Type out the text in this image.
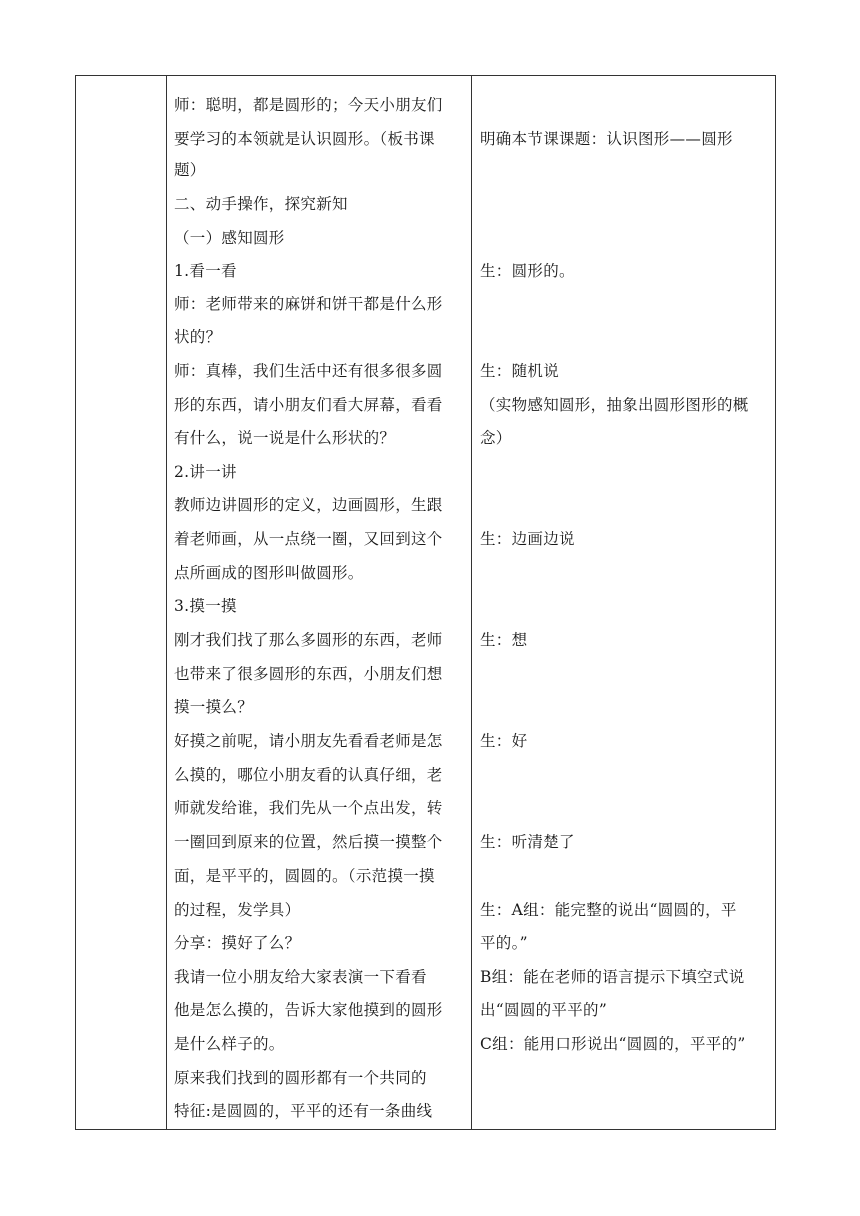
师：聪明，都是圆形的；今天小朋友们
要学习的本领就是认识圆形。（板书课
题）
二、动手操作，探究新知
（一）感知圆形
1.看一看
师：老师带来的麻饼和饼干都是什么形
状的？
师：真棒，我们生活中还有很多很多圆
形的东西，请小朋友们看大屏幕，看看
有什么，说一说是什么形状的？
2.讲一讲
教师边讲圆形的定义，边画圆形，生跟
着老师画，从一点绕一圈，又回到这个
点所画成的图形叫做圆形。
3.摸一摸
刚才我们找了那么多圆形的东西，老师
也带来了很多圆形的东西，小朋友们想
摸一摸么？
好摸之前呢，请小朋友先看看老师是怎
么摸的，哪位小朋友看的认真仔细，老
师就发给谁，我们先从一个点出发，转
一圈回到原来的位置，然后摸一摸整个
面，是平平的，圆圆的。（示范摸一摸
的过程，发学具）
分享：摸好了么？
我请一位小朋友给大家表演一下看看
他是怎么摸的，告诉大家他摸到的圆形
是什么样子的。
原来我们找到的圆形都有一个共同的
特征:是圆圆的，平平的还有一条曲线
明确本节课课题：认识图形——圆形
生：圆形的。
生：随机说
（实物感知圆形，抽象出圆形图形的概
念）
生：边画边说
生：想
生：好
生：听清楚了
生：A组：能完整的说出“圆圆的，平
平的。”
B组：能在老师的语言提示下填空式说
出“圆圆的平平的”
C组：能用口形说出“圆圆的，平平的”
